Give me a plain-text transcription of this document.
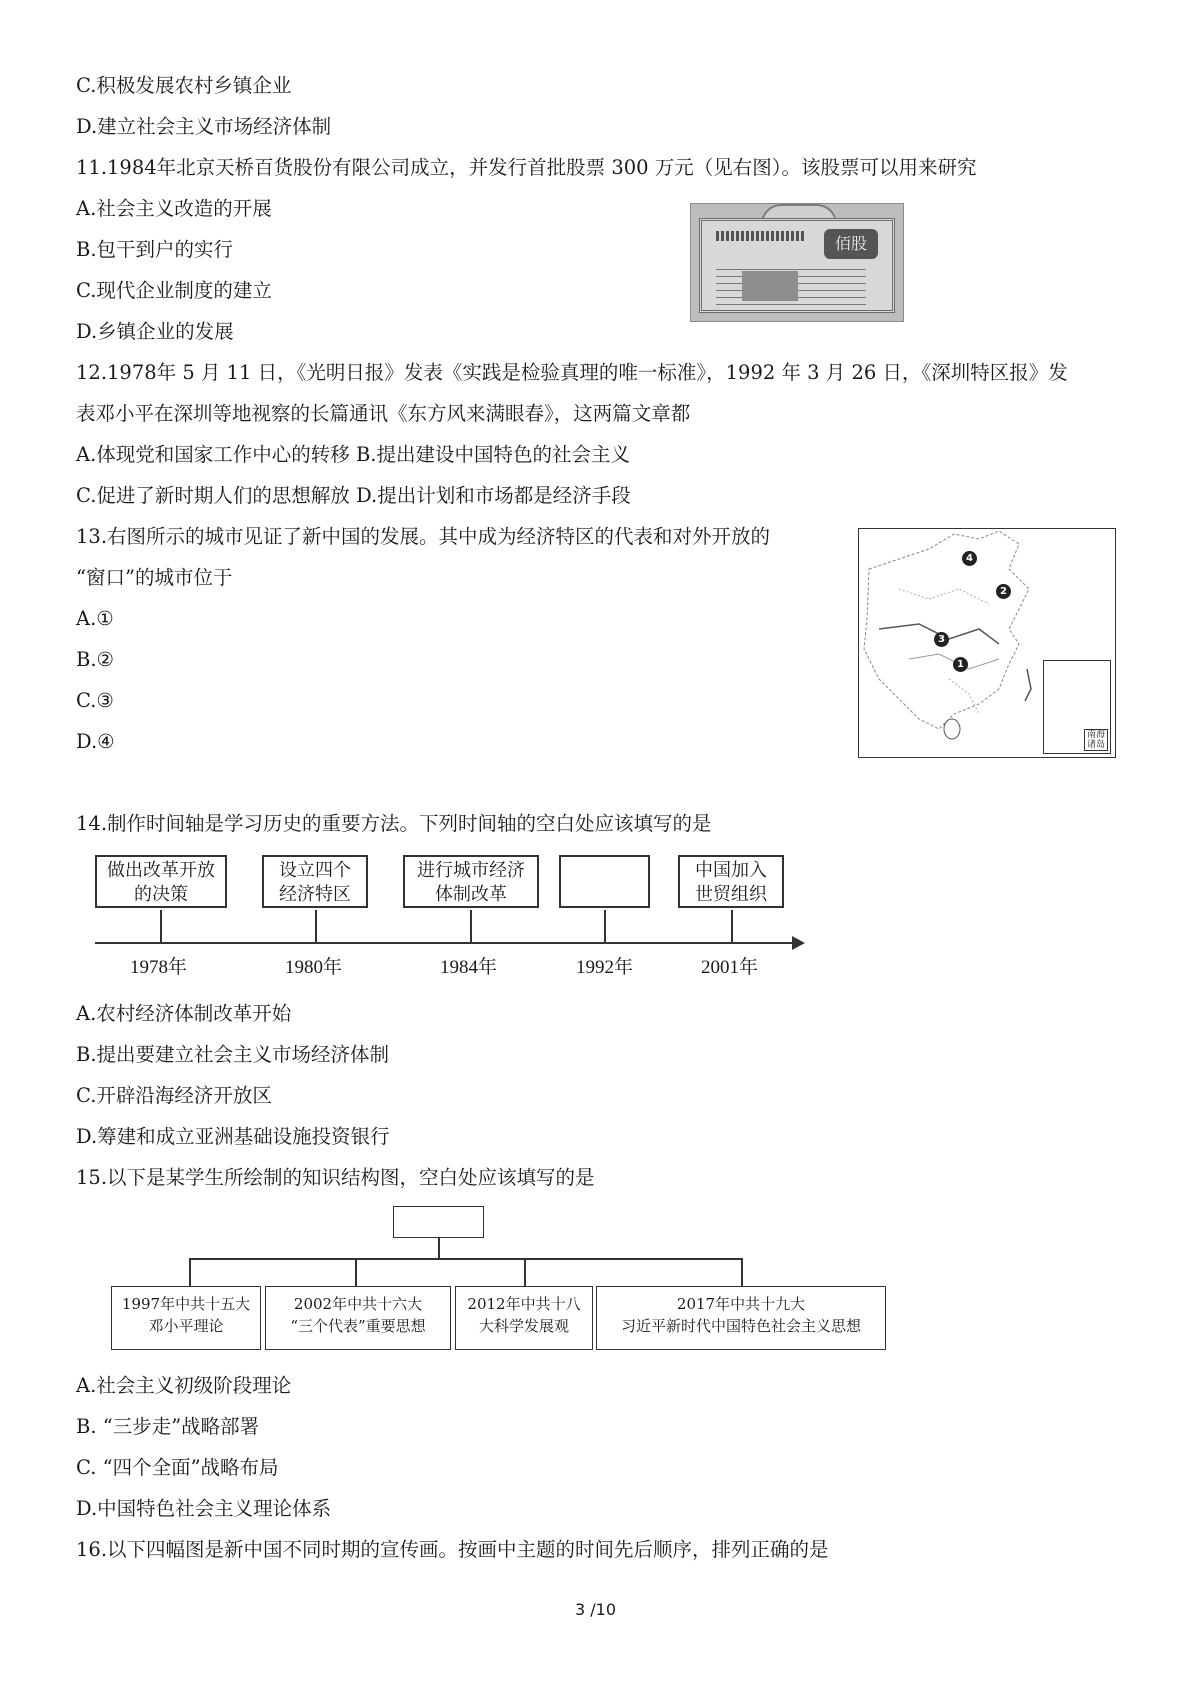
C.积极发展农村乡镇企业
D.建立社会主义市场经济体制
11.1984年北京天桥百货股份有限公司成立，并发行首批股票 300 万元（见右图）。该股票可以用来研究
A.社会主义改造的开展
B.包干到户的实行
C.现代企业制度的建立
D.乡镇企业的发展
佰股
12.1978年 5 月 11 日，《光明日报》发表《实践是检验真理的唯一标准》，1992 年 3 月 26 日，《深圳特区报》发
表邓小平在深圳等地视察的长篇通讯《东方风来满眼春》，这两篇文章都
A.体现党和国家工作中心的转移 B.提出建设中国特色的社会主义
C.促进了新时期人们的思想解放 D.提出计划和市场都是经济手段
13.右图所示的城市见证了新中国的发展。其中成为经济特区的代表和对外开放的
“窗口”的城市位于
A.①
B.②
C.③
D.④
1
2
3
4
南海诸岛
14.制作时间轴是学习历史的重要方法。下列时间轴的空白处应该填写的是
做出改革开放
的决策
设立四个
经济特区
进行城市经济
体制改革
中国加入
世贸组织
1978年	1980年	1984年	1992年	2001年
A.农村经济体制改革开始
B.提出要建立社会主义市场经济体制
C.开辟沿海经济开放区
D.筹建和成立亚洲基础设施投资银行
15.以下是某学生所绘制的知识结构图，空白处应该填写的是
1997年中共十五大
邓小平理论
2002年中共十六大
“三个代表”重要思想
2012年中共十八
大科学发展观
2017年中共十九大
习近平新时代中国特色社会主义思想
A.社会主义初级阶段理论
B. “三步走”战略部署
C. “四个全面”战略布局
D.中国特色社会主义理论体系
16.以下四幅图是新中国不同时期的宣传画。按画中主题的时间先后顺序，排列正确的是
3 /10
